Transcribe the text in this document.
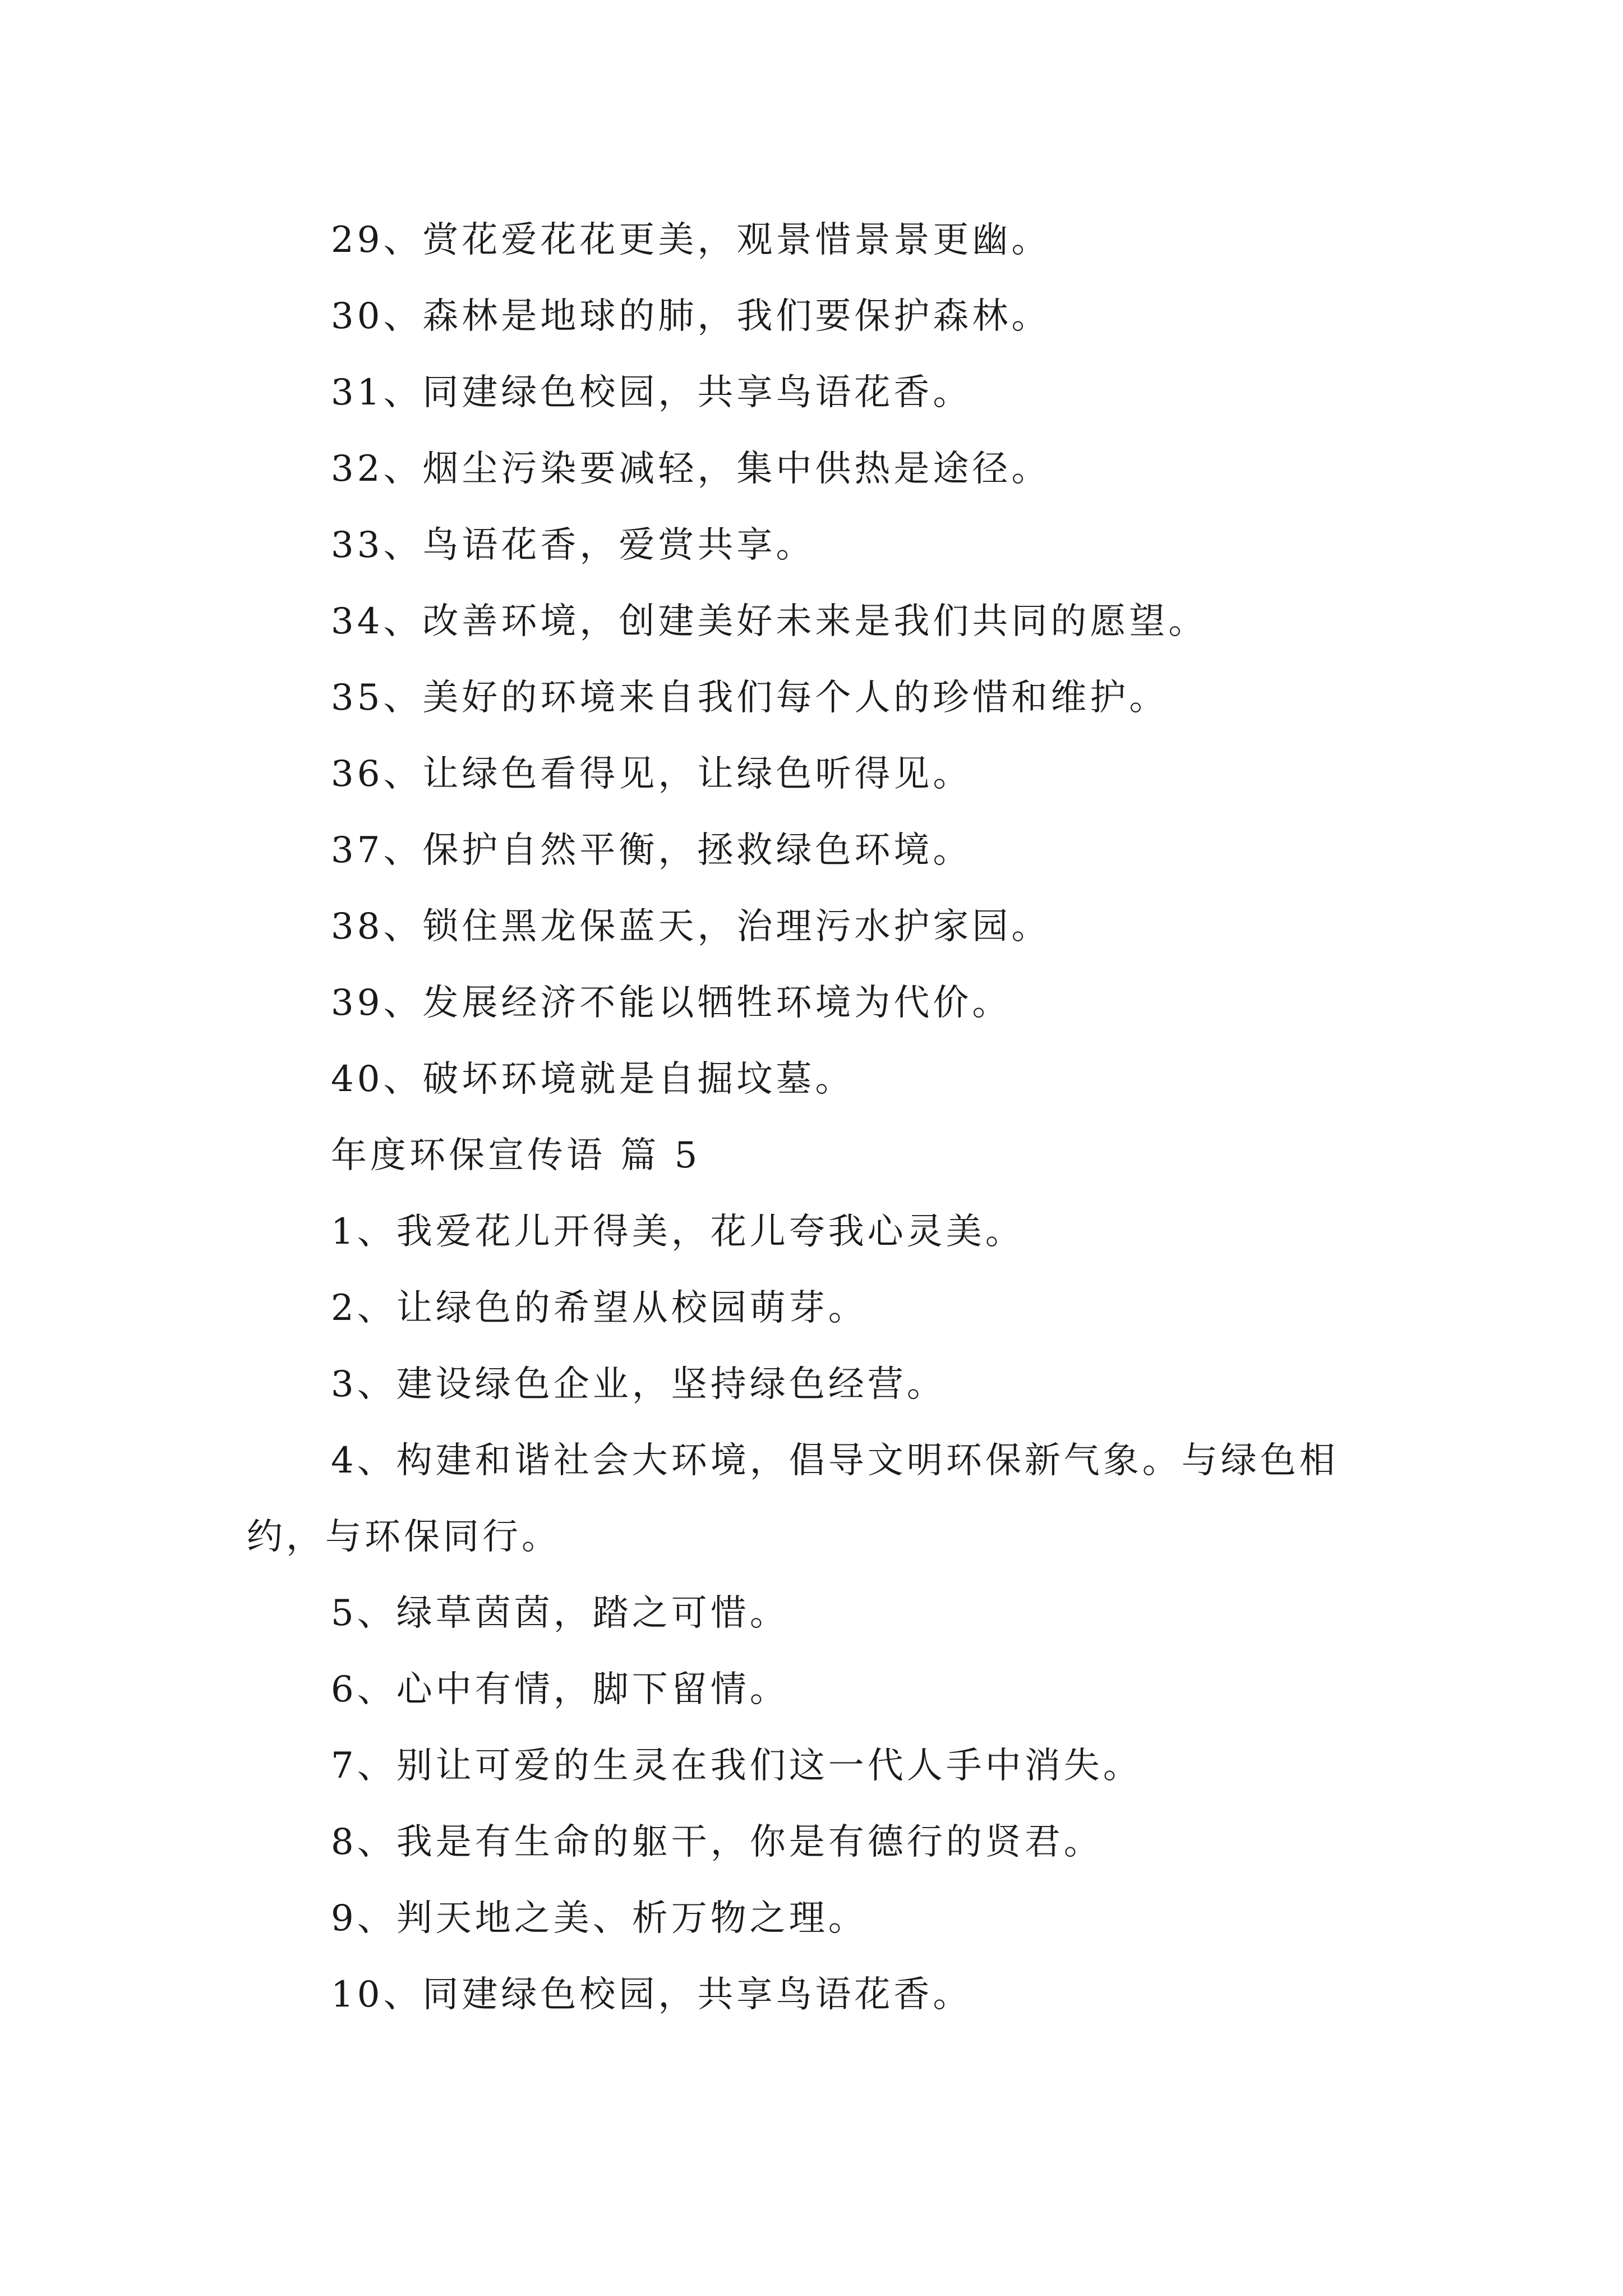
29、赏花爱花花更美，观景惜景景更幽。
30、森林是地球的肺，我们要保护森林。
31、同建绿色校园，共享鸟语花香。
32、烟尘污染要减轻，集中供热是途径。
33、鸟语花香，爱赏共享。
34、改善环境，创建美好未来是我们共同的愿望。
35、美好的环境来自我们每个人的珍惜和维护。
36、让绿色看得见，让绿色听得见。
37、保护自然平衡，拯救绿色环境。
38、锁住黑龙保蓝天，治理污水护家园。
39、发展经济不能以牺牲环境为代价。
40、破坏环境就是自掘坟墓。
年度环保宣传语 篇 5
1、我爱花儿开得美，花儿夸我心灵美。
2、让绿色的希望从校园萌芽。
3、建设绿色企业，坚持绿色经营。
4、构建和谐社会大环境，倡导文明环保新气象。与绿色相约，与环保同行。
5、绿草茵茵，踏之可惜。
6、心中有情，脚下留情。
7、别让可爱的生灵在我们这一代人手中消失。
8、我是有生命的躯干，你是有德行的贤君。
9、判天地之美、析万物之理。
10、同建绿色校园，共享鸟语花香。
